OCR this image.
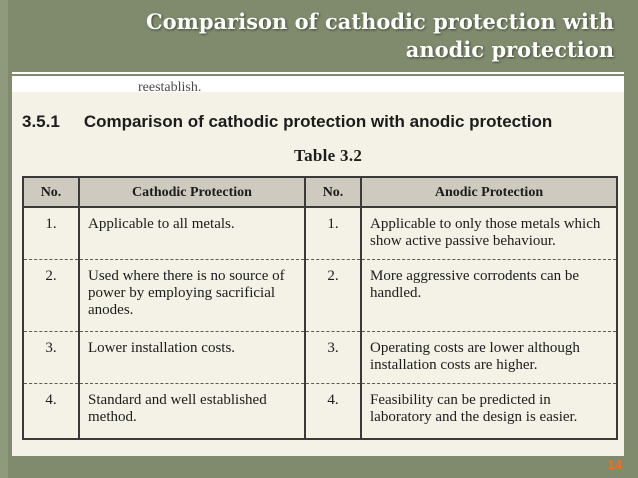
Comparison of cathodic protection with
anodic protection
reestablish.
3.5.1 Comparison of cathodic protection with anodic protection
Table 3.2
No.	Cathodic Protection	No.	Anodic Protection
1.	Applicable to all metals.	1.	Applicable to only those metals which show active passive behaviour.
2.	Used where there is no source of power by employing sacrificial anodes.	2.	More aggressive corrodents can be handled.
3.	Lower installation costs.	3.	Operating costs are lower although installation costs are higher.
4.	Standard and well established method.	4.	Feasibility can be predicted in laboratory and the design is easier.
14
